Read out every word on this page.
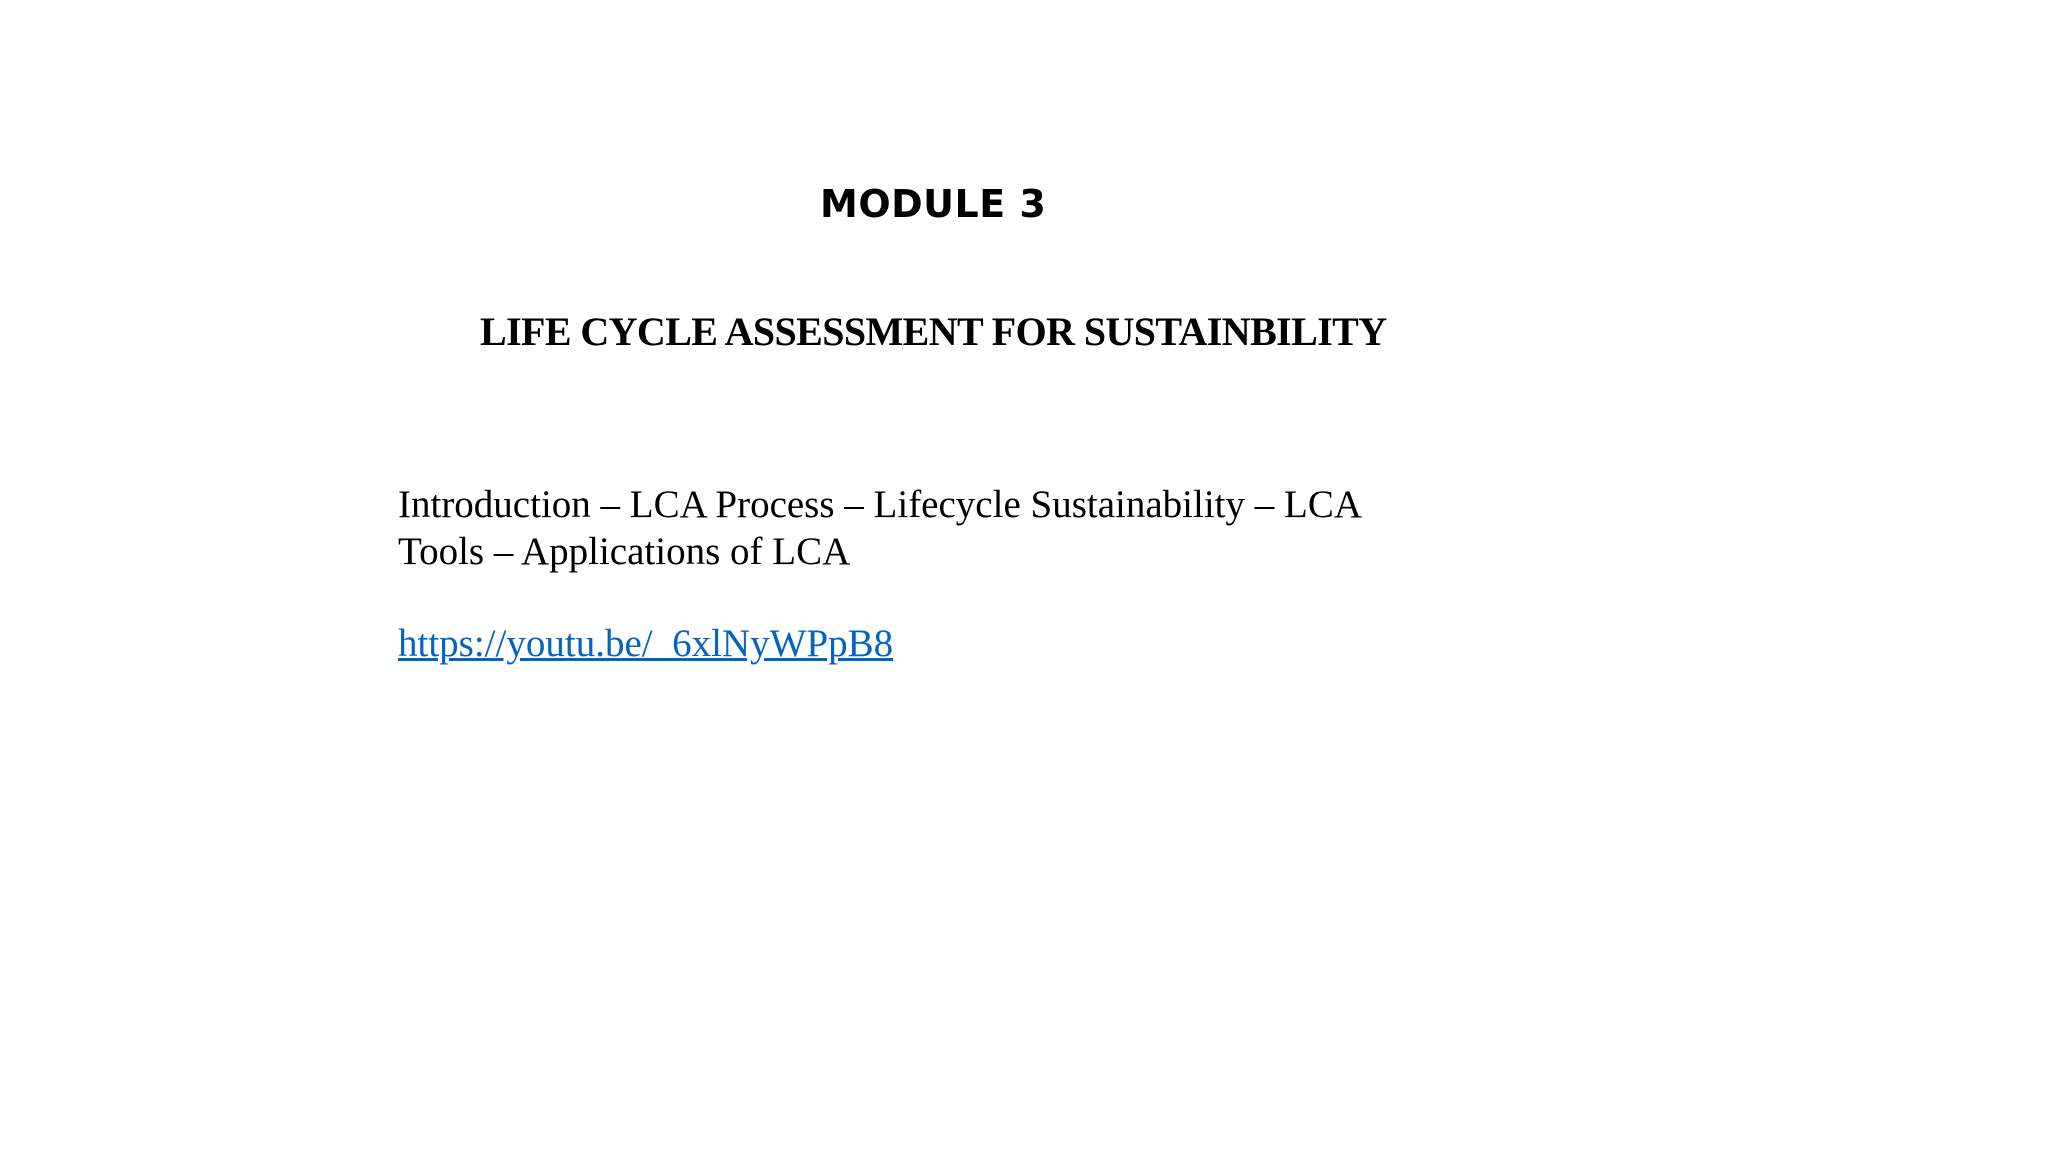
MODULE 3
LIFE CYCLE ASSESSMENT FOR SUSTAINBILITY

Introduction – LCA Process – Lifecycle Sustainability – LCA Tools – Applications of LCA

https://youtu.be/_6xlNyWPpB8
